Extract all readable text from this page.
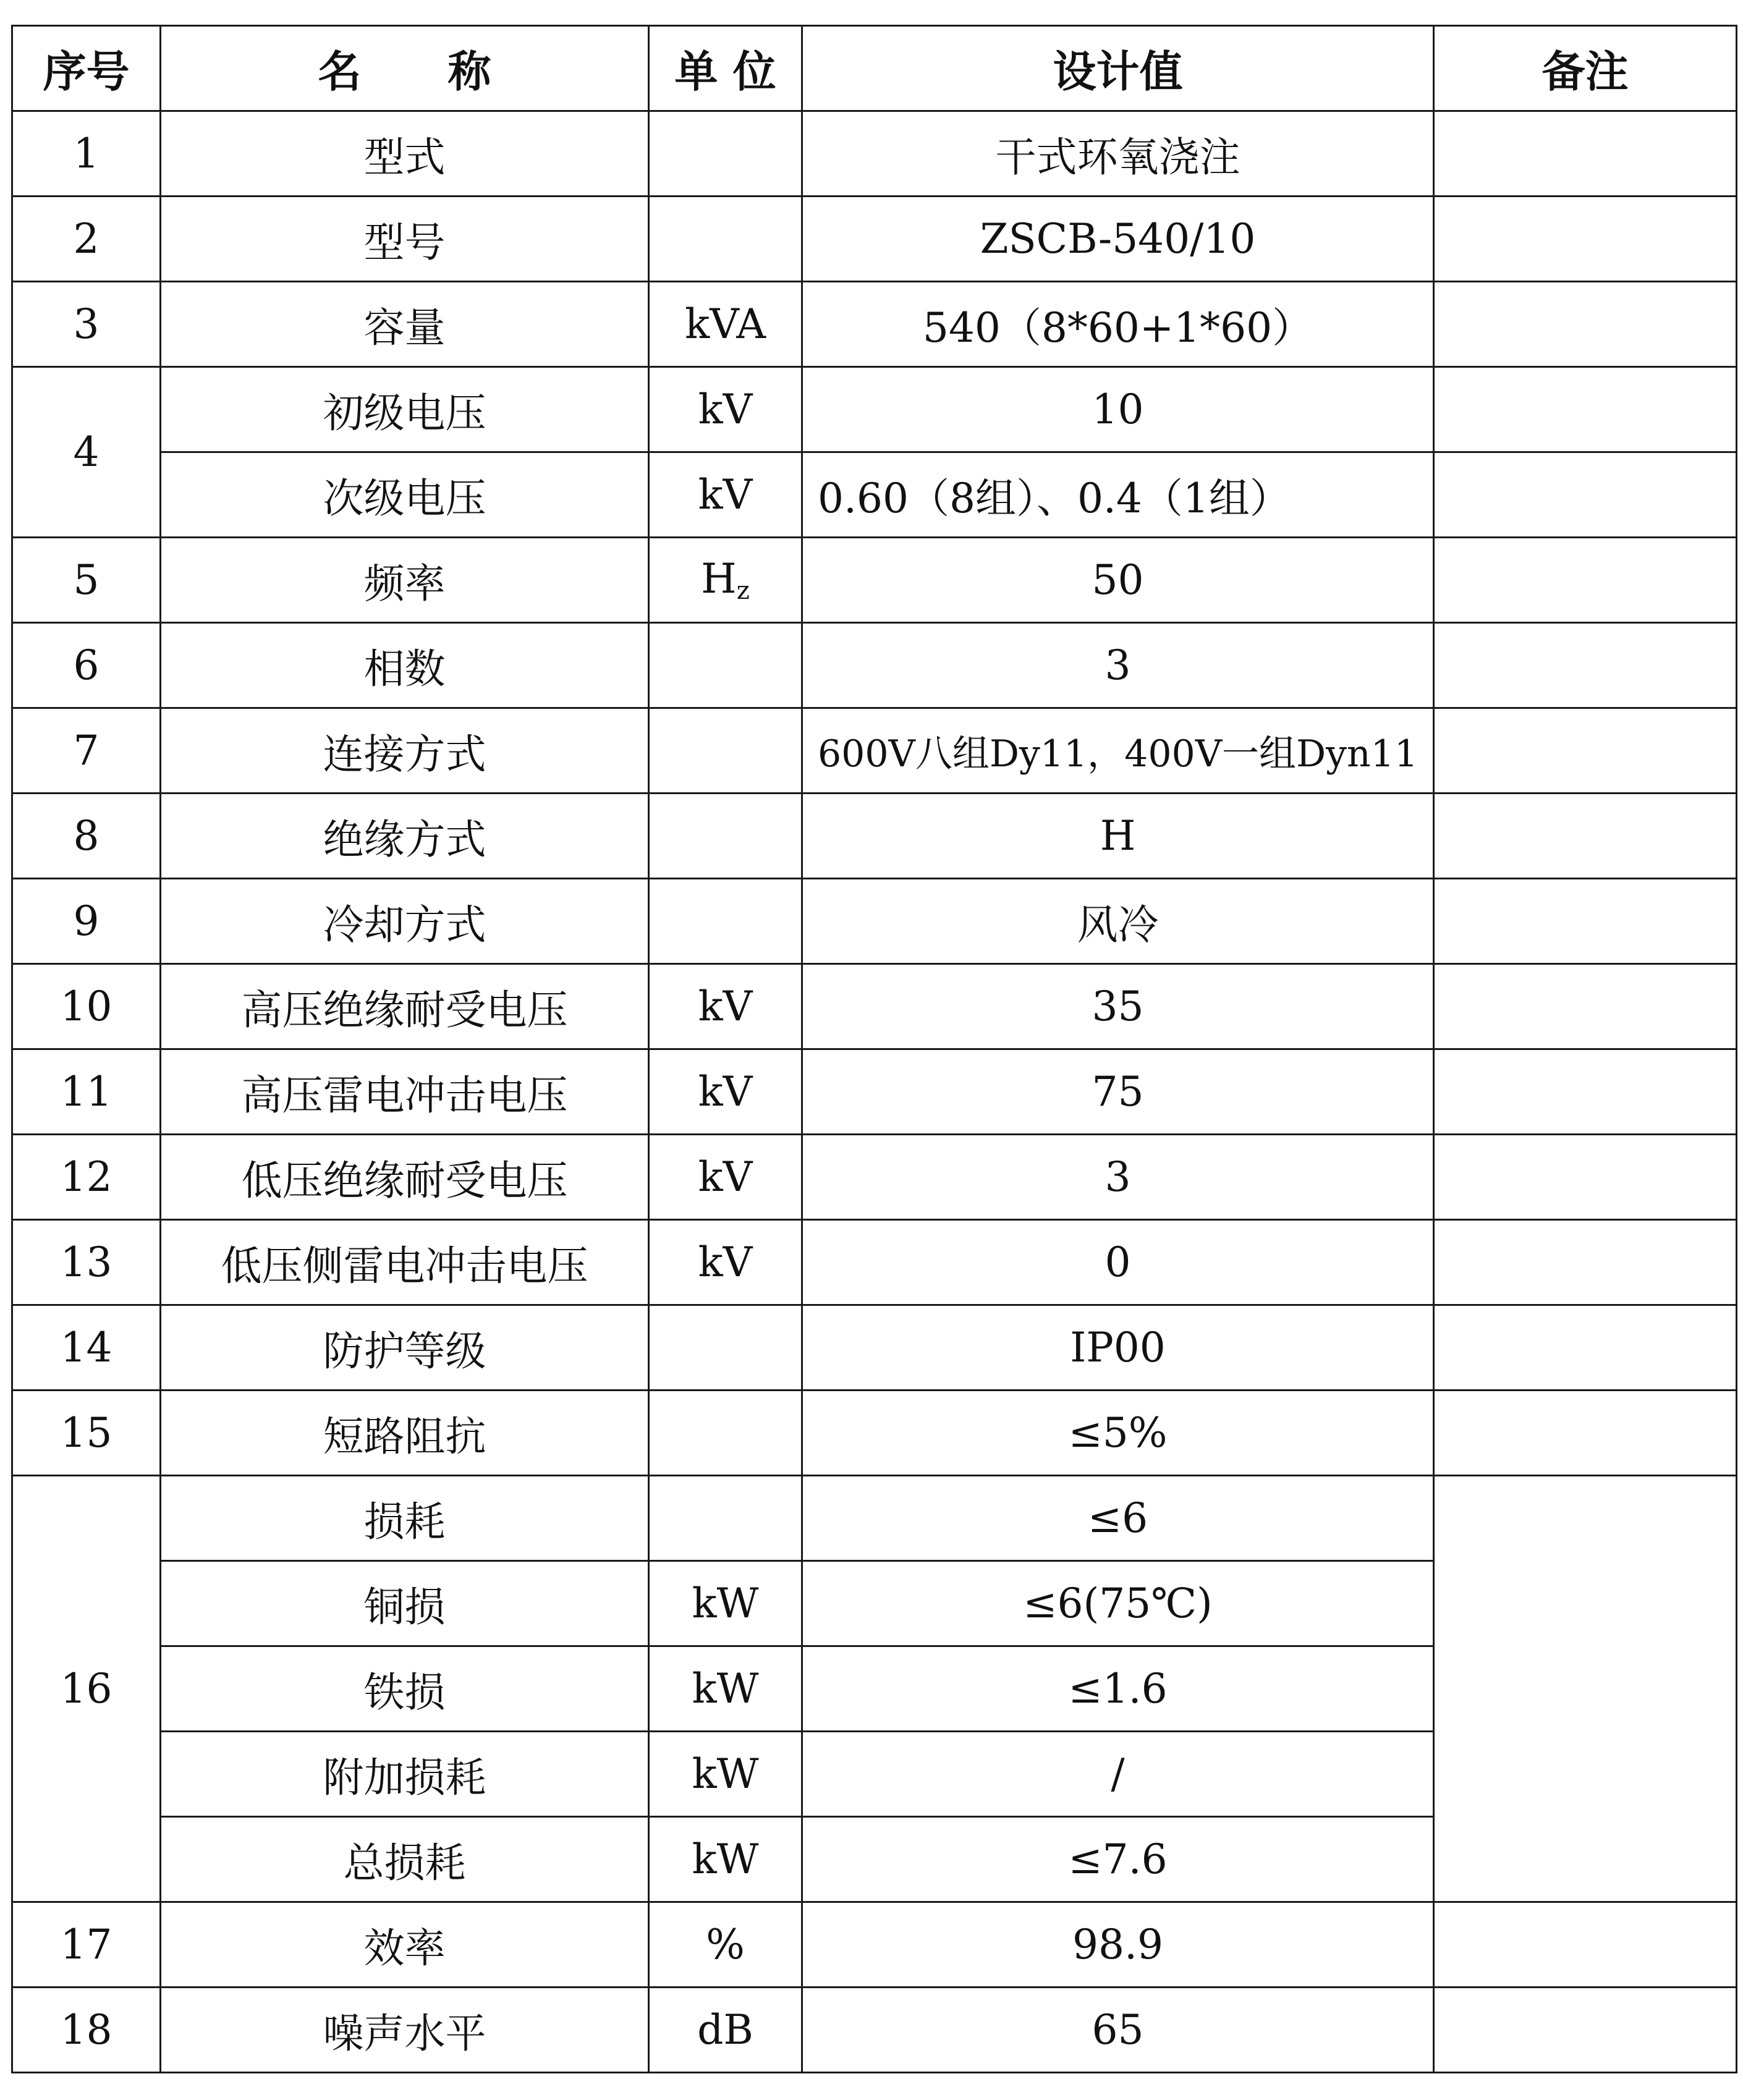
序号	名　　称	单 位	设计值	备注
1	型式		干式环氧浇注	
2	型号		ZSCB-540/10	
3	容量	kVA	540（8*60+1*60）	
4	初级电压	kV	10	
	次级电压	kV	0.60（8组）、0.4（1组）	
5	频率	$H_z$	50	
6	相数		3	
7	连接方式		600V八组Dy11，400V一组Dyn11	
8	绝缘方式		H	
9	冷却方式		风冷	
10	高压绝缘耐受电压	kV	35	
11	高压雷电冲击电压	kV	75	
12	低压绝缘耐受电压	kV	3	
13	低压侧雷电冲击电压	kV	0	
14	防护等级		IP00	
15	短路阻抗		≤5%	
16	损耗		≤6	
	铜损	kW	≤6(75℃)	
	铁损	kW	≤1.6	
	附加损耗	kW	/	
	总损耗	kW	≤7.6	
17	效率	%	98.9	
18	噪声水平	dB	65	
